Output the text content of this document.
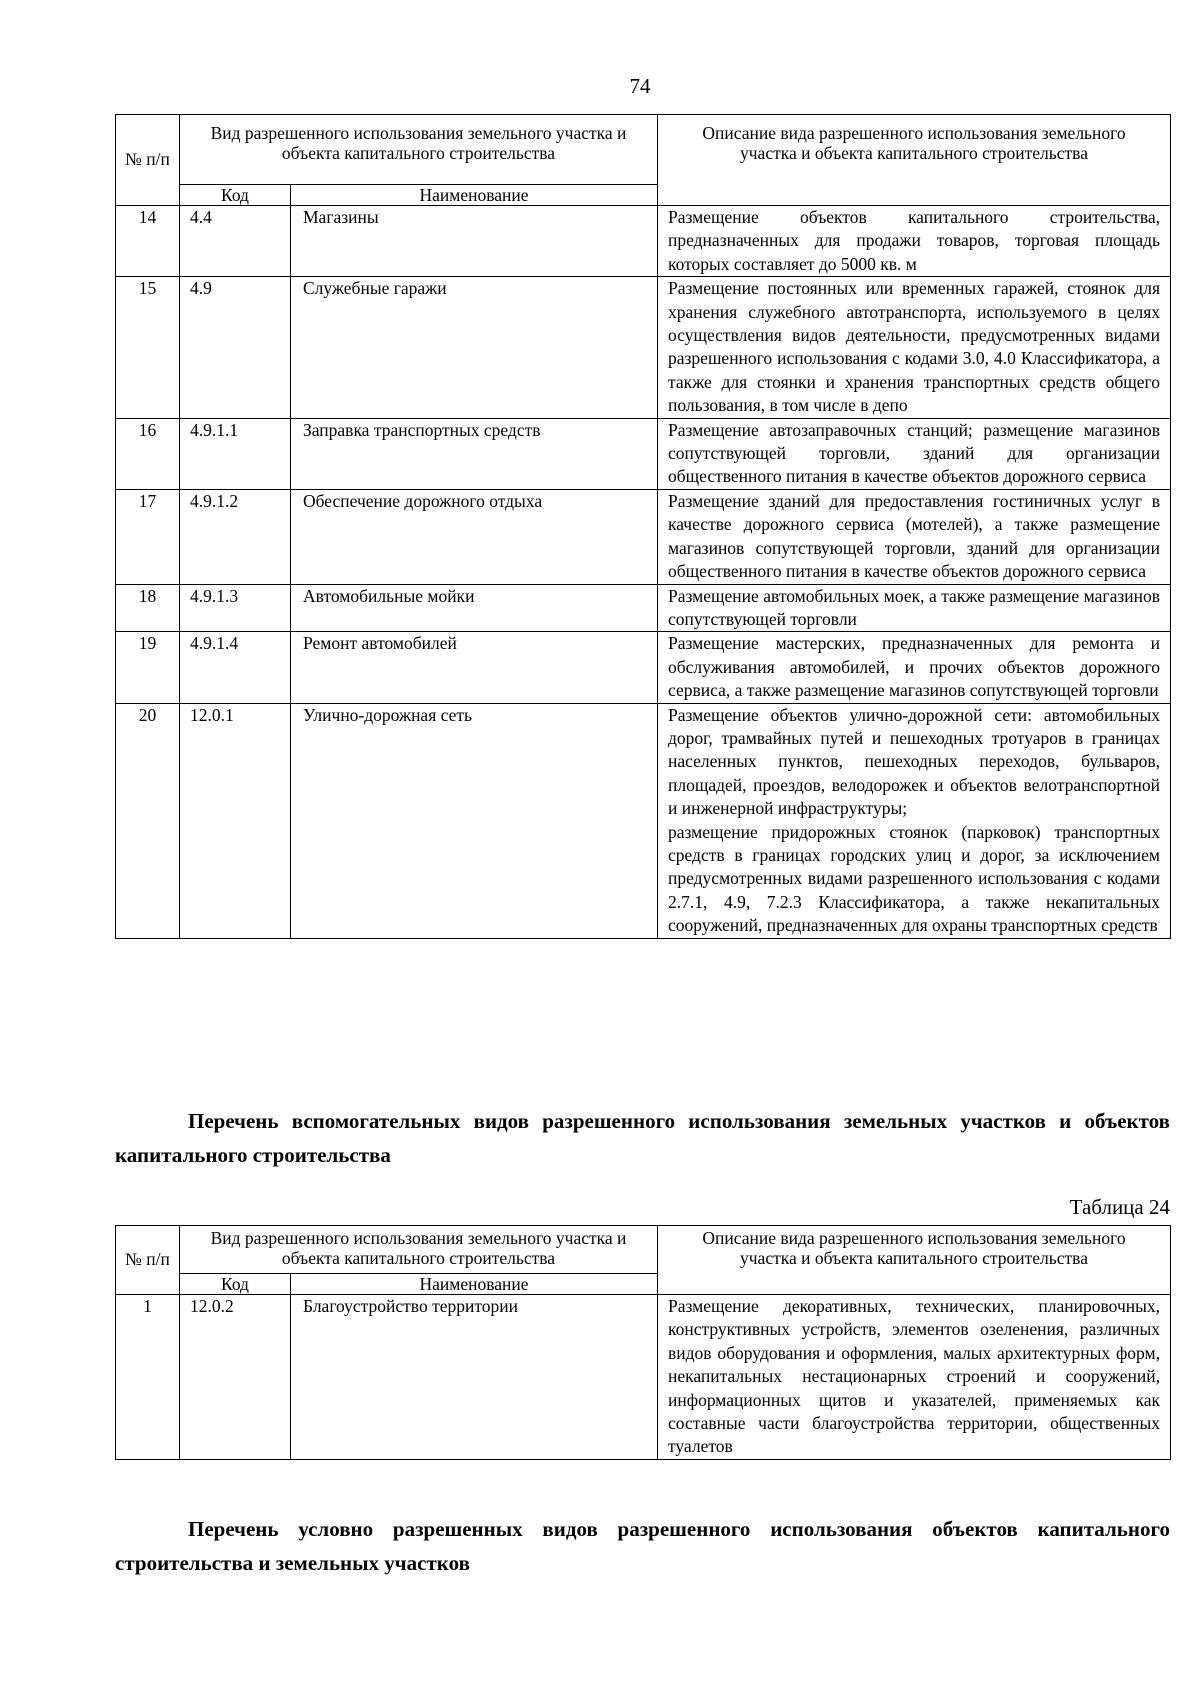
74
№ п/п	Вид разрешенного использования земельного участка и объекта капитального строительства		Описание вида разрешенного использования земельного участка и объекта капитального строительства
	Код	Наименование	
14	4.4	Магазины	Размещение объектов капитального строительства, предназначенных для продажи товаров, торговая площадь которых составляет до 5000 кв. м

15	4.9	Служебные гаражи	Размещение постоянных или временных гаражей, стоянок для хранения служебного автотранспорта, используемого в целях осуществления видов деятельности, предусмотренных видами разрешенного использования с кодами 3.0, 4.0 Классификатора, а также для стоянки и хранения транспортных средств общего пользования, в том числе в депо

16	4.9.1.1	Заправка транспортных средств	Размещение автозаправочных станций; размещение магазинов сопутствующей торговли, зданий для организации общественного питания в качестве объектов дорожного сервиса

17	4.9.1.2	Обеспечение дорожного отдыха	Размещение зданий для предоставления гостиничных услуг в качестве дорожного сервиса (мотелей), а также размещение магазинов сопутствующей торговли, зданий для организации общественного питания в качестве объектов дорожного сервиса

18	4.9.1.3	Автомобильные мойки	Размещение автомобильных моек, а также размещение магазинов сопутствующей торговли

19	4.9.1.4	Ремонт автомобилей	Размещение мастерских, предназначенных для ремонта и обслуживания автомобилей, и прочих объектов дорожного сервиса, а также размещение магазинов сопутствующей торговли

20	12.0.1	Улично-дорожная сеть	Размещение объектов улично-дорожной сети: автомобильных дорог, трамвайных путей и пешеходных тротуаров в границах населенных пунктов, пешеходных переходов, бульваров, площадей, проездов, велодорожек и объектов велотранспортной и инженерной инфраструктуры;
размещение придорожных стоянок (парковок) транспортных средств в границах городских улиц и дорог, за исключением предусмотренных видами разрешенного использования с кодами 2.7.1, 4.9, 7.2.3 Классификатора, а также некапитальных сооружений, предназначенных для охраны транспортных средств

Перечень вспомогательных видов разрешенного использования земельных участков и объектов капитального строительства

Таблица 24
№ п/п	Вид разрешенного использования земельного участка и объекта капитального строительства		Описание вида разрешенного использования земельного участка и объекта капитального строительства
	Код	Наименование	
1	12.0.2	Благоустройство территории	Размещение декоративных, технических, планировочных, конструктивных устройств, элементов озеленения, различных видов оборудования и оформления, малых архитектурных форм, некапитальных нестационарных строений и сооружений, информационных щитов и указателей, применяемых как составные части благоустройства территории, общественных туалетов

Перечень условно разрешенных видов разрешенного использования объектов капитального строительства и земельных участков
